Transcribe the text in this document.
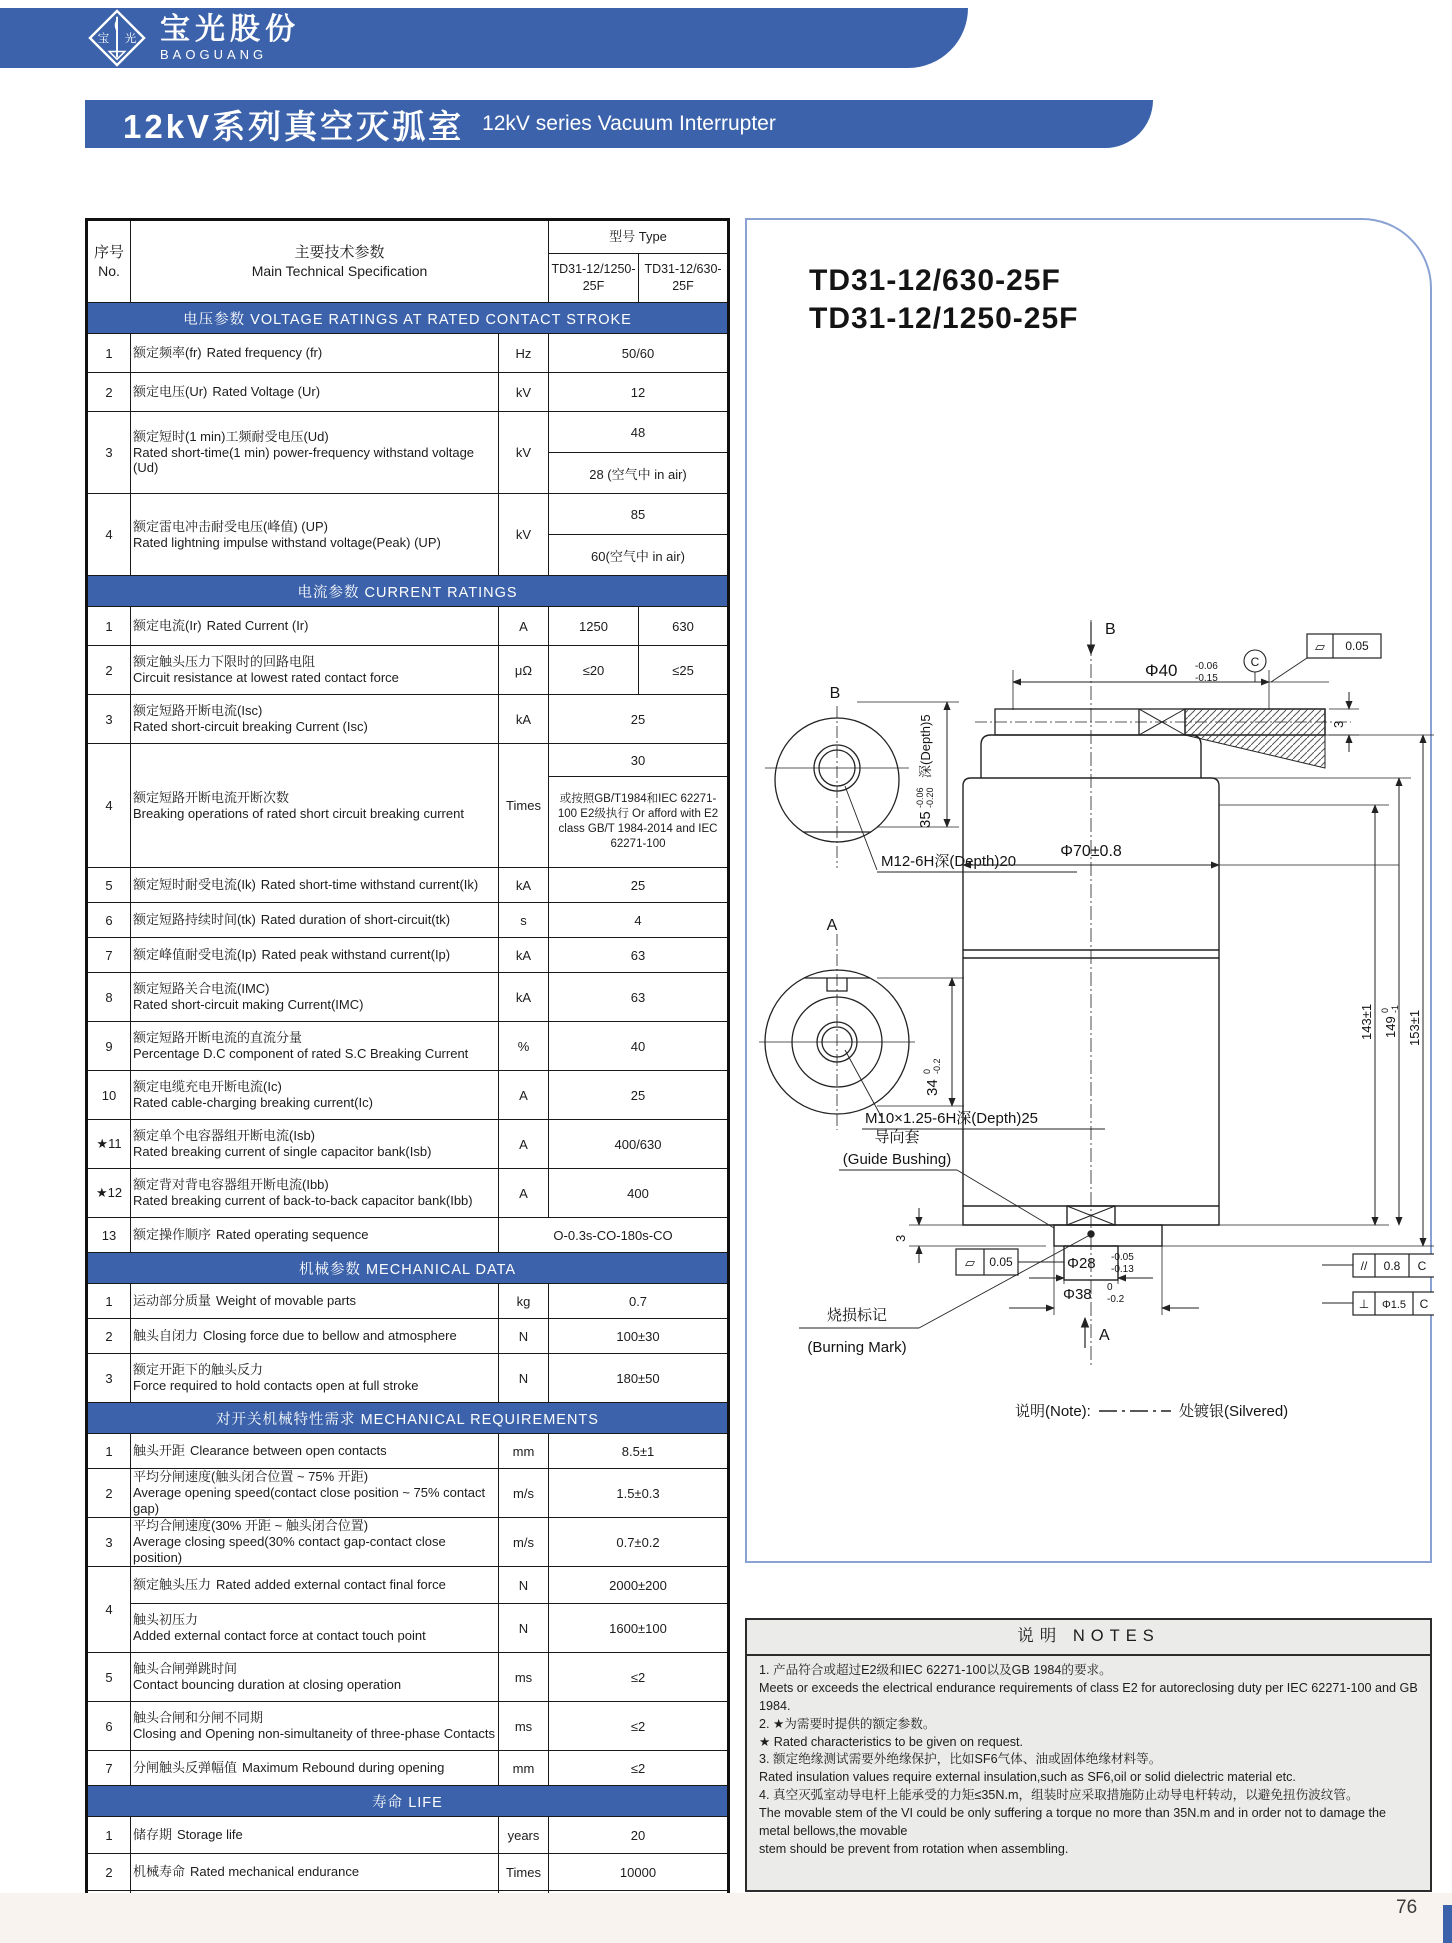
宝 光 宝光股份
BAOGUANG
12kV系列真空灭弧室 12kV series Vacuum Interrupter
序号
No.	主要技术参数
Main Technical Specification		型号 Type	
			TD31-12/1250-25F	TD31-12/630-25F
电压参数 VOLTAGE RATINGS AT RATED CONTACT STROKE				
1	额定频率(fr) Rated frequency (fr)	Hz	50/60	
2	额定电压(Ur) Rated Voltage (Ur)	kV	12	
3	额定短时(1 min)工频耐受电压(Ud)
Rated short-time(1 min) power-frequency withstand voltage (Ud)	kV	48	
			28 (空气中 in air)	
4	额定雷电冲击耐受电压(峰值) (UP)
Rated lightning impulse withstand voltage(Peak) (UP)	kV	85	
			60(空气中 in air)	
电流参数 CURRENT RATINGS				
1	额定电流(Ir) Rated Current (Ir)	A	1250	630
2	额定触头压力下限时的回路电阻
Circuit resistance at lowest rated contact force	μΩ	≤20	≤25
3	额定短路开断电流(Isc)
Rated short-circuit breaking Current (Isc)	kA	25	
4	额定短路开断电流开断次数
Breaking operations of rated short circuit breaking current	Times	30	
			或按照GB/T1984和IEC 62271-100 E2级执行 Or afford with E2 class GB/T 1984-2014 and IEC 62271-100	
5	额定短时耐受电流(Ik) Rated short-time withstand current(Ik)	kA	25	
6	额定短路持续时间(tk) Rated duration of short-circuit(tk)	s	4	
7	额定峰值耐受电流(Ip) Rated peak withstand current(Ip)	kA	63	
8	额定短路关合电流(IMC)
Rated short-circuit making Current(IMC)	kA	63	
9	额定短路开断电流的直流分量
Percentage D.C component of rated S.C Breaking Current	%	40	
10	额定电缆充电开断电流(Ic)
Rated cable-charging breaking current(Ic)	A	25	
★11	额定单个电容器组开断电流(Isb)
Rated breaking current of single capacitor bank(Isb)	A	400/630	
★12	额定背对背电容器组开断电流(Ibb)
Rated breaking current of back-to-back capacitor bank(Ibb)	A	400	
13	额定操作顺序 Rated operating sequence	O-0.3s-CO-180s-CO		
机械参数 MECHANICAL DATA				
1	运动部分质量 Weight of movable parts	kg	0.7	
2	触头自闭力 Closing force due to bellow and atmosphere	N	100±30	
3	额定开距下的触头反力
Force required to hold contacts open at full stroke	N	180±50	
对开关机械特性需求 MECHANICAL REQUIREMENTS				
1	触头开距 Clearance between open contacts	mm	8.5±1	
2	平均分闸速度(触头闭合位置 ~ 75% 开距)
Average opening speed(contact close position ~ 75% contact gap)	m/s	1.5±0.3	
3	平均合闸速度(30% 开距 ~ 触头闭合位置)
Average closing speed(30% contact gap-contact close position)	m/s	0.7±0.2	
4	额定触头压力 Rated added external contact final force	N	2000±200	

	触头初压力
Added external contact force at contact touch point	N	1600±100	
5	触头合闸弹跳时间
Contact bouncing duration at closing operation	ms	≤2	
6	触头合闸和分闸不同期
Closing and Opening non-simultaneity of three-phase Contacts	ms	≤2	
7	分闸触头反弹幅值 Maximum Rebound during opening	mm	≤2	
寿命 LIFE				
1	储存期 Storage life	years	20	
2	机械寿命 Rated mechanical endurance	Times	10000	

TD31-12/630-25F
TD31-12/1250-25F
B
35
-0.06 -0.20
深(Depth)5
M12-6H深(Depth)20
A
34
0 -0.2
M10×1.25-6H深(Depth)25
B
Φ40 -0.06
-0.15
▱ 0.05
C
3
Φ70±0.8
143±1 149
0 -1
153±1
3
▱ 0.05	Φ28 -0.05
-0.13
Φ38 0
-0.2
A
// 0.8 C
⊥ Φ1.5 C
导向套
(Guide Bushing)
烧损标记
(Burning Mark)
说明(Note):	处镀银(Silvered)
说明 NOTES
1. 产品符合或超过E2级和IEC 62271-100以及GB 1984的要求。
Meets or exceeds the electrical endurance requirements of class E2 for autoreclosing duty per IEC 62271-100 and GB 1984.
2. ★为需要时提供的额定参数。
★ Rated characteristics to be given on request.
3. 额定绝缘测试需要外绝缘保护，比如SF6气体、油或固体绝缘材料等。
Rated insulation values require external insulation,such as SF6,oil or solid dielectric material etc.
4. 真空灭弧室动导电杆上能承受的力矩≤35N.m，组装时应采取措施防止动导电杆转动，以避免扭伤波纹管。
The movable stem of the VI could be only suffering a torque no more than 35N.m and in order not to damage the metal bellows,the movable
stem should be prevent from rotation when assembling.
76
